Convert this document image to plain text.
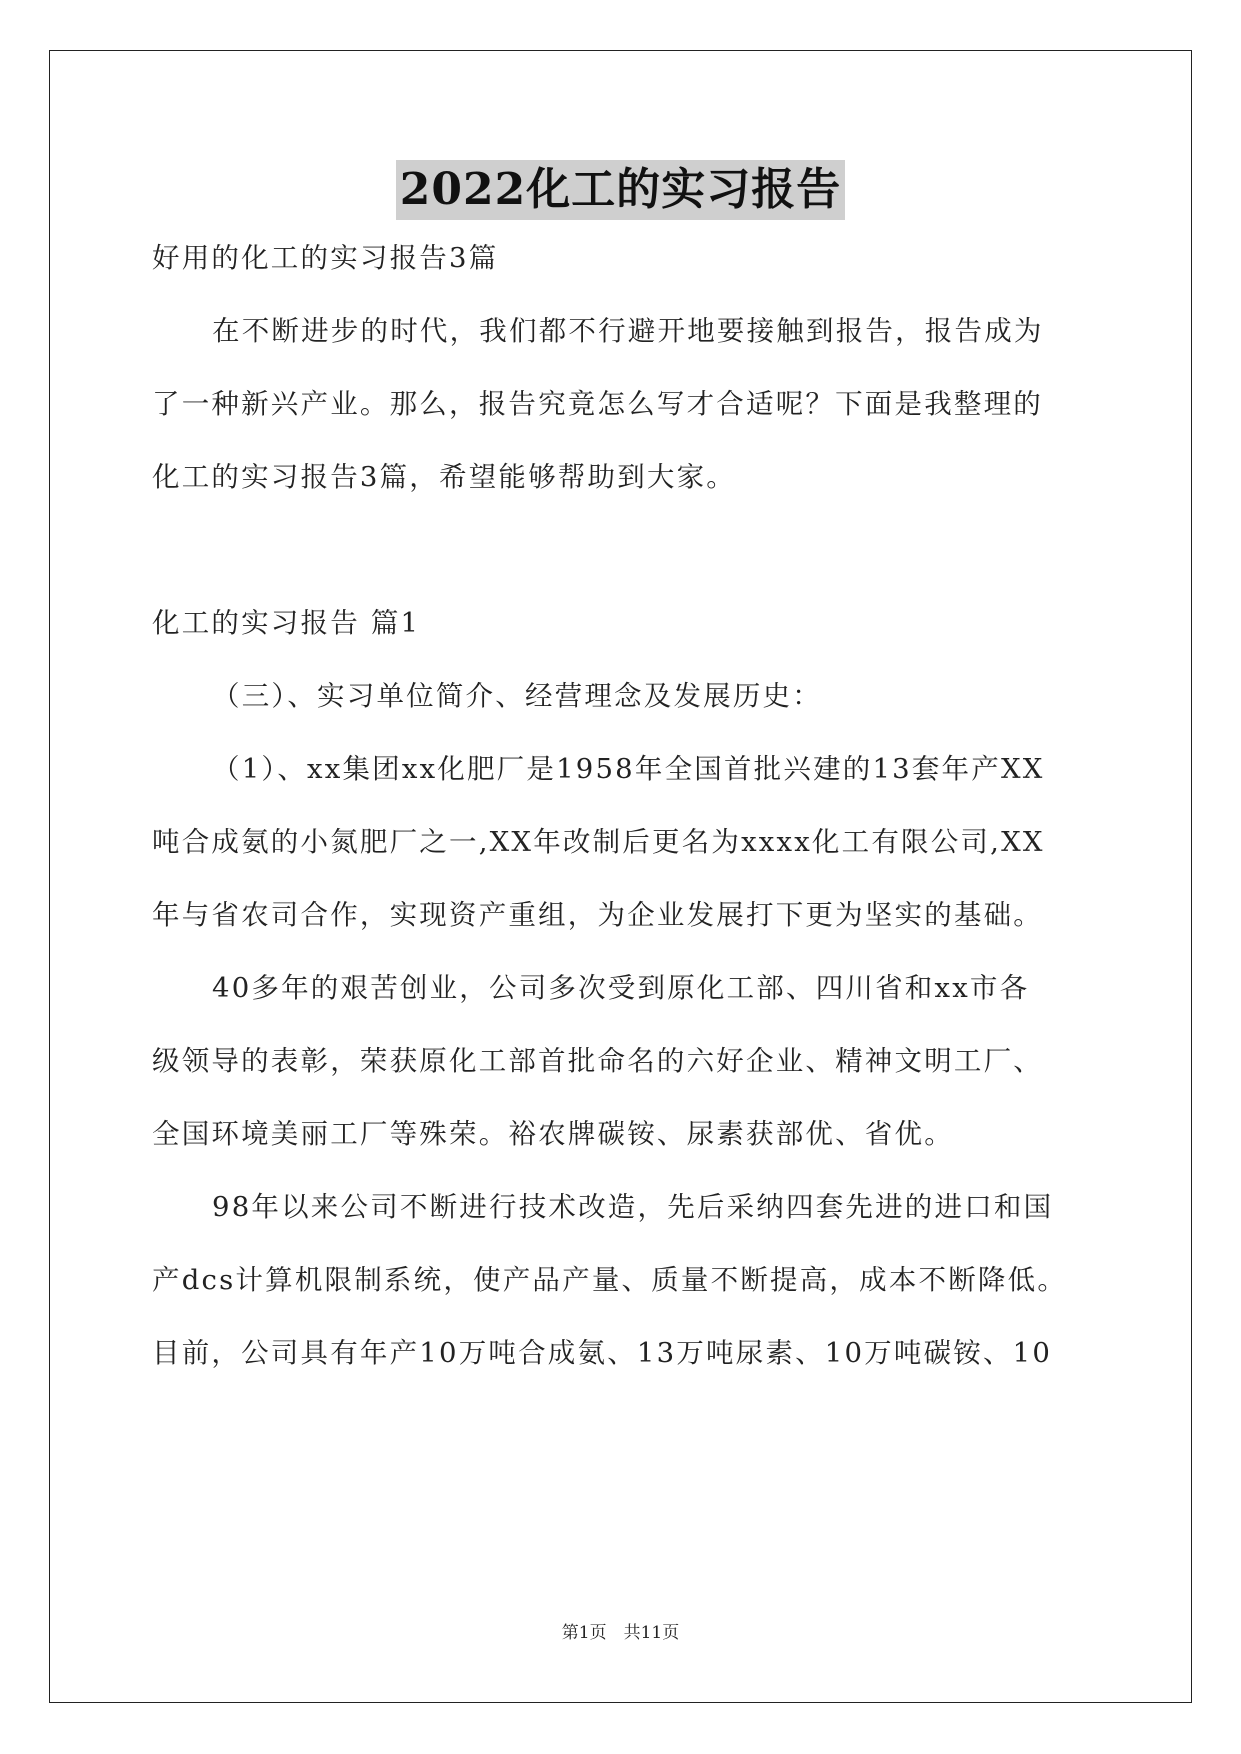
2022化工的实习报告
好用的化工的实习报告3篇
在不断进步的时代，我们都不行避开地要接触到报告，报告成为
了一种新兴产业。那么，报告究竟怎么写才合适呢？下面是我整理的
化工的实习报告3篇，希望能够帮助到大家。
化工的实习报告 篇1
（三）、实习单位简介、经营理念及发展历史：
（1）、xx集团xx化肥厂是1958年全国首批兴建的13套年产XX
吨合成氨的小氮肥厂之一,XX年改制后更名为xxxx化工有限公司,XX
年与省农司合作，实现资产重组，为企业发展打下更为坚实的基础。
40多年的艰苦创业，公司多次受到原化工部、四川省和xx市各
级领导的表彰，荣获原化工部首批命名的六好企业、精神文明工厂、
全国环境美丽工厂等殊荣。裕农牌碳铵、尿素获部优、省优。
98年以来公司不断进行技术改造，先后采纳四套先进的进口和国
产dcs计算机限制系统，使产品产量、质量不断提高，成本不断降低。
目前，公司具有年产10万吨合成氨、13万吨尿素、10万吨碳铵、10
第1页　共11页
